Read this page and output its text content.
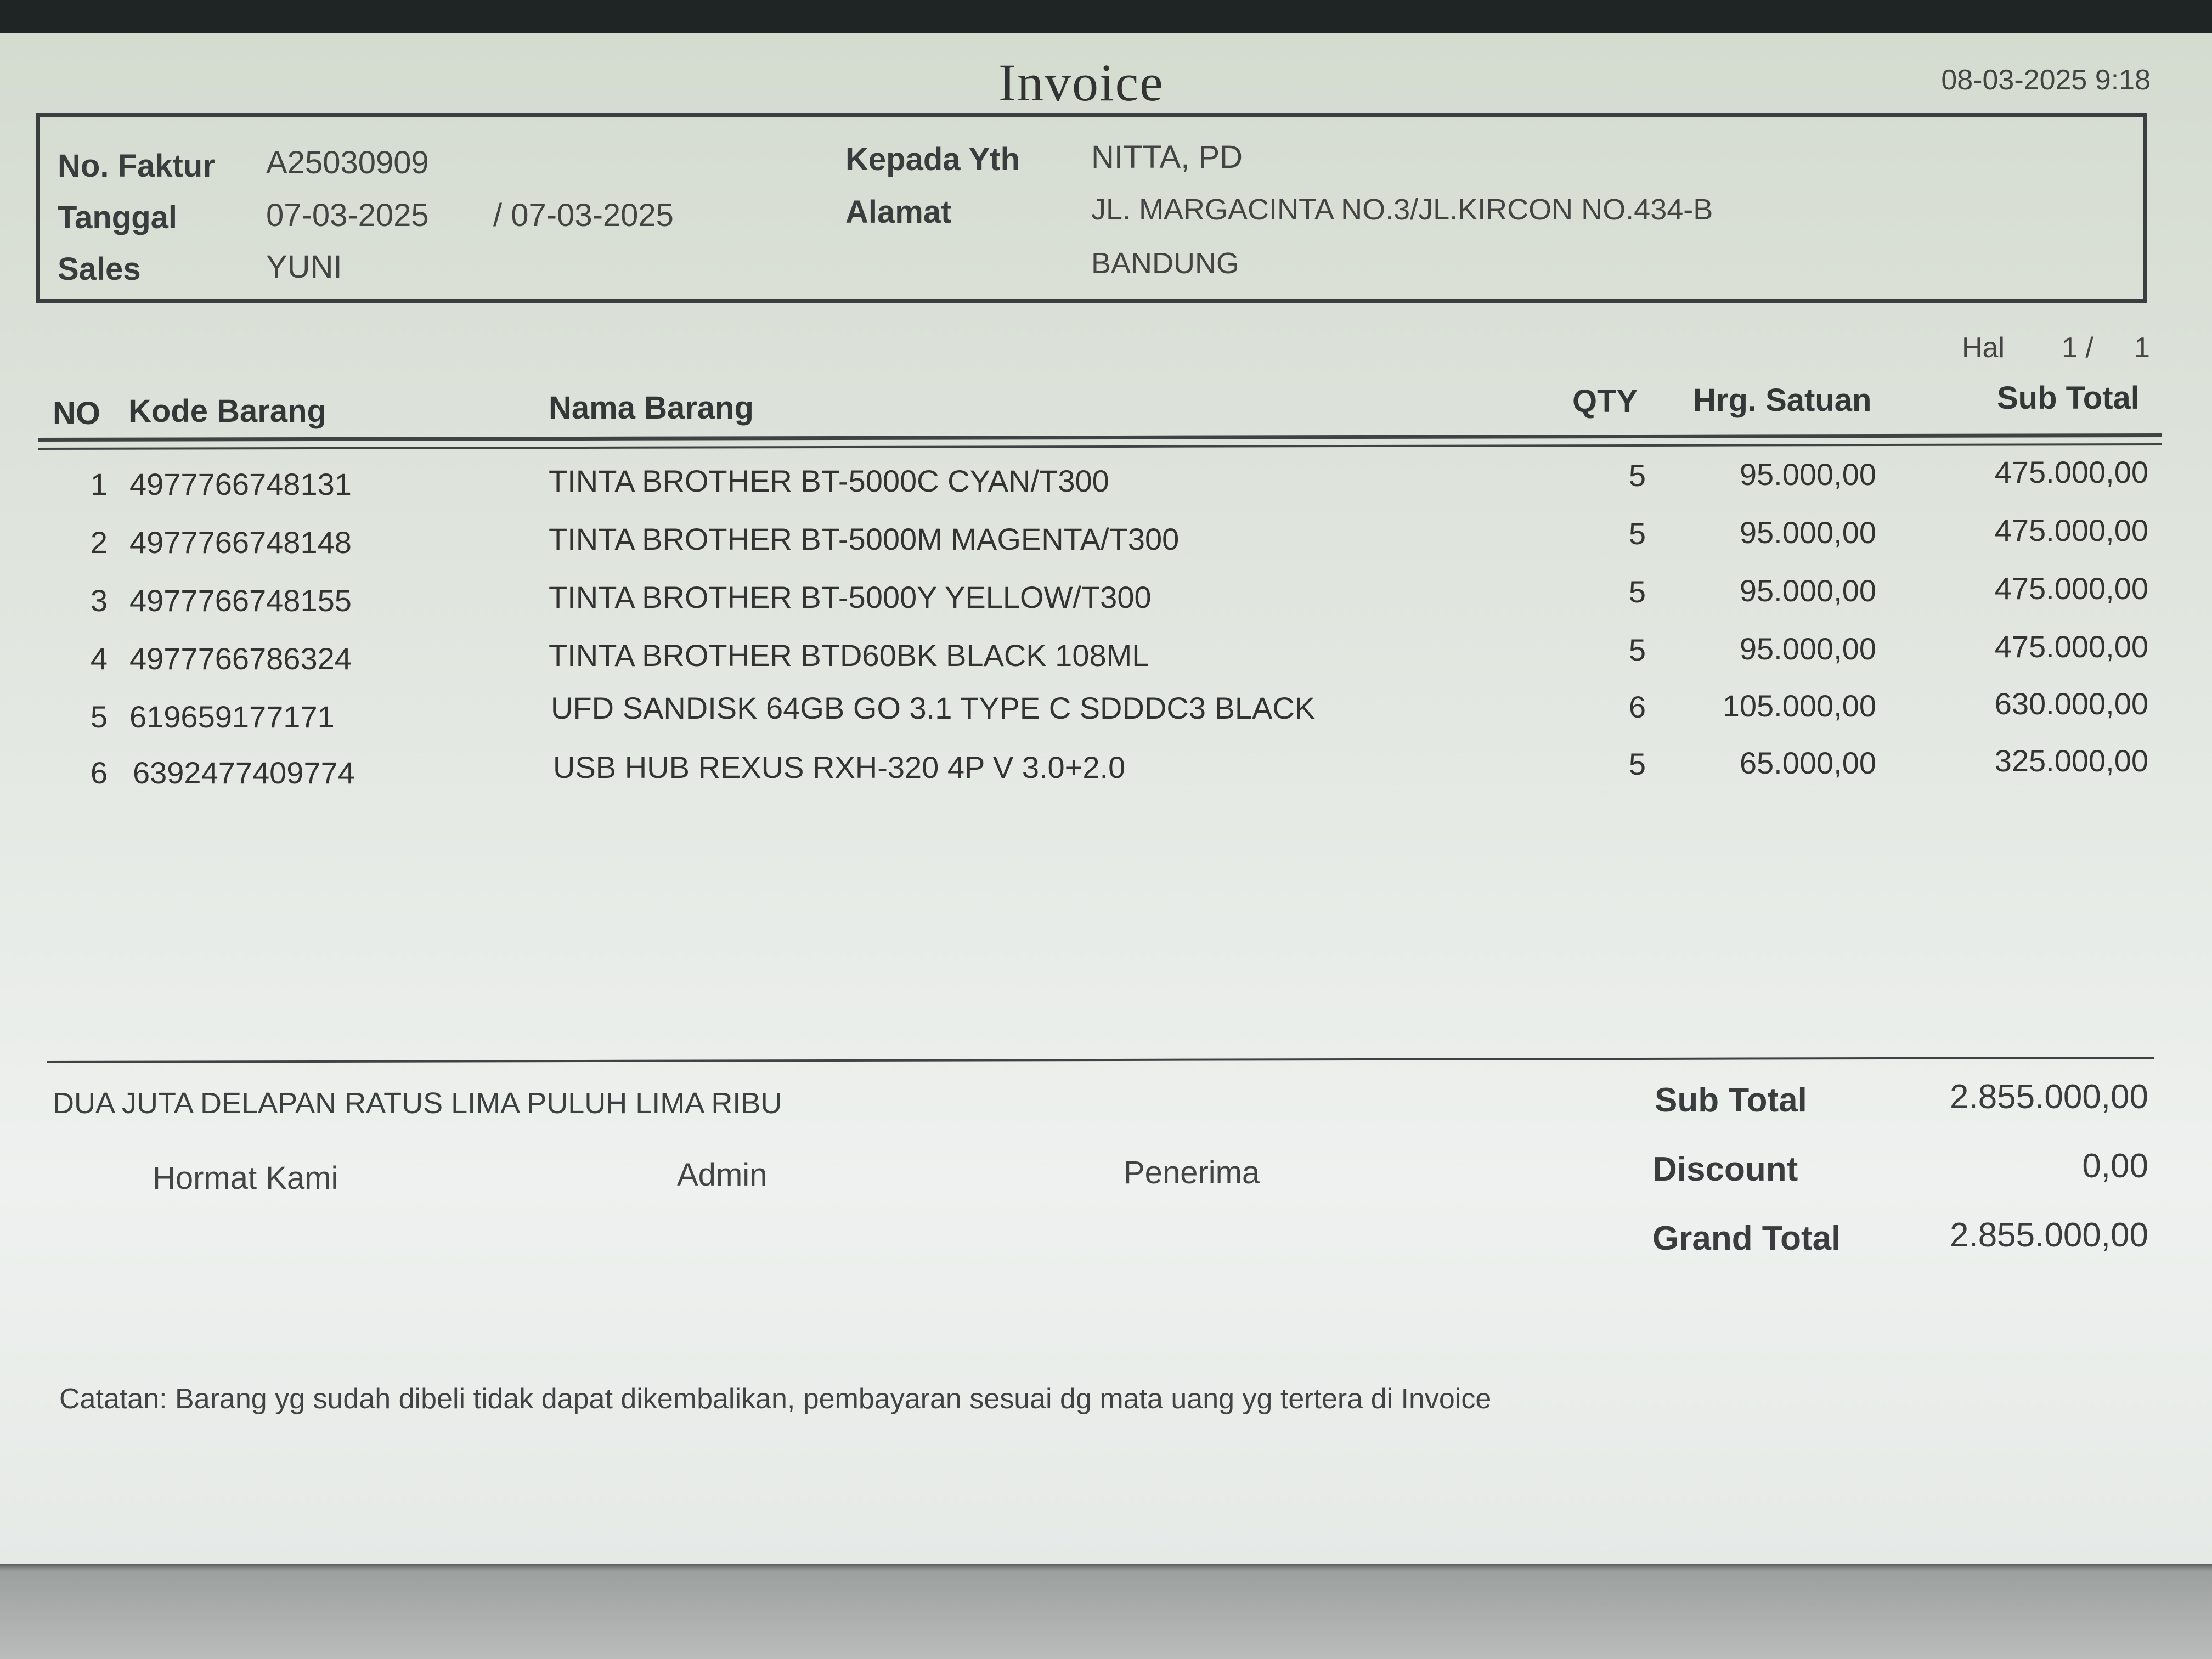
Invoice	08-03-2025 9:18
No. Faktur A25030909
Tanggal	07-03-2025 / 07-03-2025
Sales	YUNI
Kepada Yth NITTA, PD
Alamat	JL. MARGACINTA NO.3/JL.KIRCON NO.434-B
BANDUNG
Hal 1 / 1
NO Kode Barang	Nama Barang	QTY Hrg. Satuan	Sub Total
1 4977766748131	TINTA BROTHER BT-5000C CYAN/T300	5	95.000,00	475.000,00
2 4977766748148	TINTA BROTHER BT-5000M MAGENTA/T300	5	95.000,00	475.000,00
3 4977766748155	TINTA BROTHER BT-5000Y YELLOW/T300	5	95.000,00	475.000,00
4 4977766786324	TINTA BROTHER BTD60BK BLACK 108ML	5	95.000,00	475.000,00
5 619659177171	UFD SANDISK 64GB GO 3.1 TYPE C SDDDC3 BLACK	6	105.000,00	630.000,00
6 6392477409774	USB HUB REXUS RXH-320 4P V 3.0+2.0	5	65.000,00	325.000,00
DUA JUTA DELAPAN RATUS LIMA PULUH LIMA RIBU
Hormat Kami	Admin	Penerima
Sub Total	2.855.000,00
Discount	0,00
Grand Total	2.855.000,00
Catatan: Barang yg sudah dibeli tidak dapat dikembalikan, pembayaran sesuai dg mata uang yg tertera di Invoice
